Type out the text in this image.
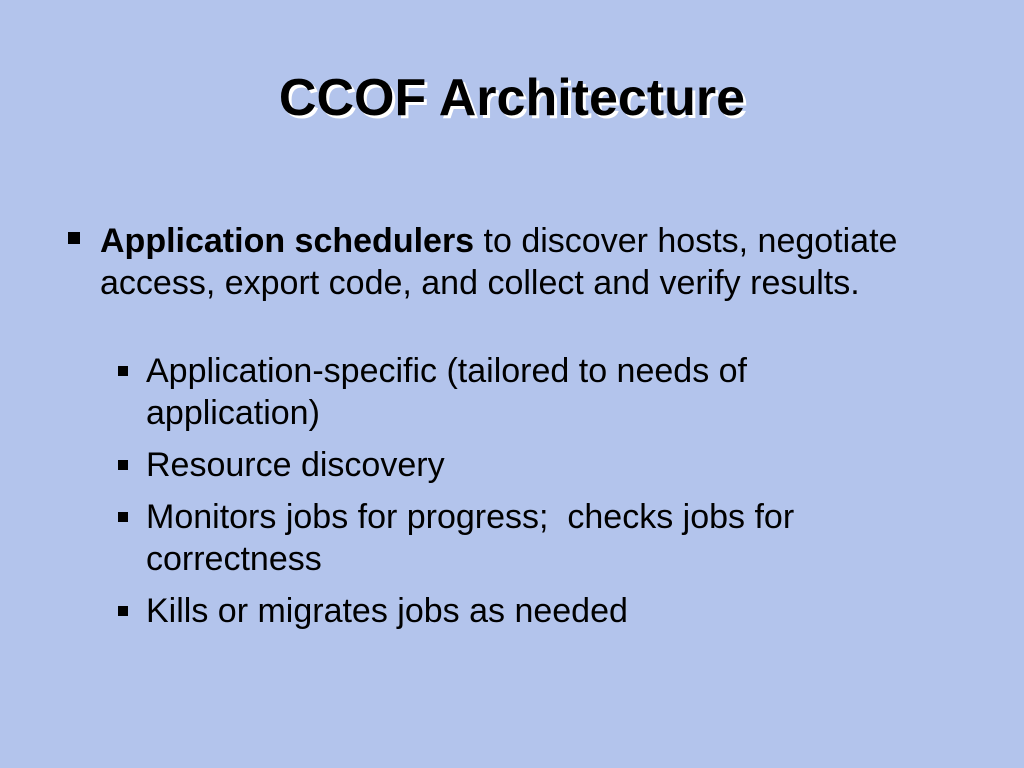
CCOF Architecture

Application schedulers to discover hosts, negotiate access, export code, and collect and verify results.

Application-specific (tailored to needs of application)

Resource discovery

Monitors jobs for progress;  checks jobs for correctness

Kills or migrates jobs as needed
